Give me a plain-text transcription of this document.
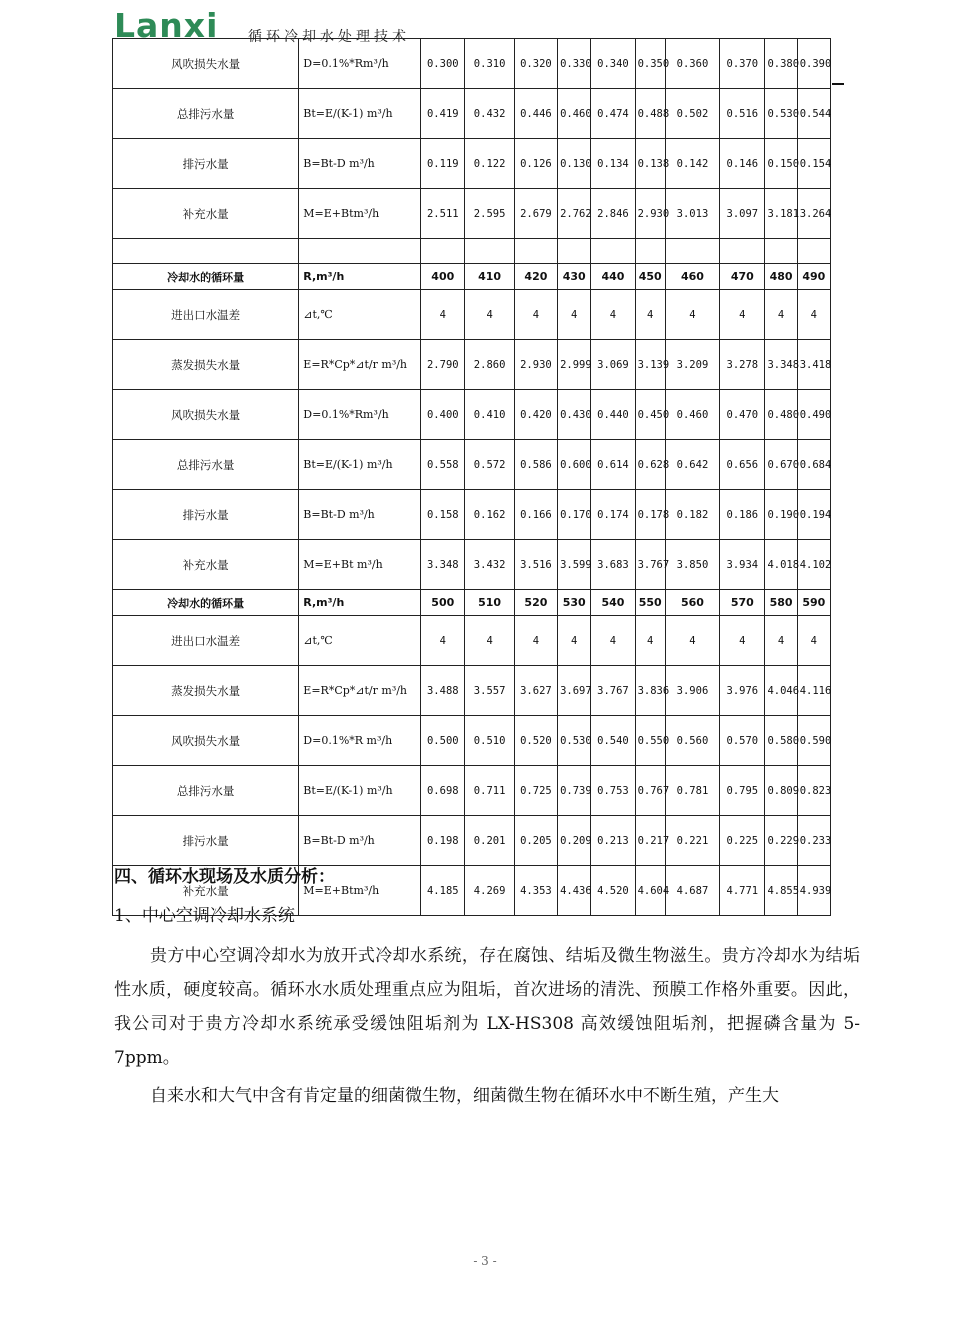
Lanxi 循环冷却水处理技术
风吹损失水量	D=0.1%*Rm³/h	0.300	0.310	0.320	0.330	0.340	0.350	0.360	0.370	0.380	0.390
总排污水量	Bt=E/(K-1) m³/h	0.419	0.432	0.446	0.460	0.474	0.488	0.502	0.516	0.530	0.544
排污水量	B=Bt-D m³/h	0.119	0.122	0.126	0.130	0.134	0.138	0.142	0.146	0.150	0.154
补充水量	M=E+Btm³/h	2.511	2.595	2.679	2.762	2.846	2.930	3.013	3.097	3.181	3.264

冷却水的循环量	R,m³/h	400	410	420	430	440	450	460	470	480	490
进出口水温差	⊿t,℃	4	4	4	4	4	4	4	4	4	4
蒸发损失水量	E=R*Cp*⊿t/r m³/h	2.790	2.860	2.930	2.999	3.069	3.139	3.209	3.278	3.348	3.418
风吹损失水量	D=0.1%*Rm³/h	0.400	0.410	0.420	0.430	0.440	0.450	0.460	0.470	0.480	0.490
总排污水量	Bt=E/(K-1) m³/h	0.558	0.572	0.586	0.600	0.614	0.628	0.642	0.656	0.670	0.684
排污水量	B=Bt-D m³/h	0.158	0.162	0.166	0.170	0.174	0.178	0.182	0.186	0.190	0.194
补充水量	M=E+Bt m³/h	3.348	3.432	3.516	3.599	3.683	3.767	3.850	3.934	4.018	4.102
冷却水的循环量	R,m³/h	500	510	520	530	540	550	560	570	580	590
进出口水温差	⊿t,℃	4	4	4	4	4	4	4	4	4	4
蒸发损失水量	E=R*Cp*⊿t/r m³/h	3.488	3.557	3.627	3.697	3.767	3.836	3.906	3.976	4.046	4.116
风吹损失水量	D=0.1%*R m³/h	0.500	0.510	0.520	0.530	0.540	0.550	0.560	0.570	0.580	0.590
总排污水量	Bt=E/(K-1) m³/h	0.698	0.711	0.725	0.739	0.753	0.767	0.781	0.795	0.809	0.823
排污水量	B=Bt-D m³/h	0.198	0.201	0.205	0.209	0.213	0.217	0.221	0.225	0.229	0.233
补充水量	M=E+Btm³/h	4.185	4.269	4.353	4.436	4.520	4.604	4.687	4.771	4.855	4.939
四、循环水现场及水质分析：
1、中心空调冷却水系统

贵方中心空调冷却水为放开式冷却水系统，存在腐蚀、结垢及微生物滋生。贵方冷却水为结垢性水质，硬度较高。循环水水质处理重点应为阻垢，首次进场的清洗、预膜工作格外重要。因此，我公司对于贵方冷却水系统承受缓蚀阻垢剂为 LX-HS308 高效缓蚀阻垢剂，把握磷含量为 5-7ppm。

自来水和大气中含有肯定量的细菌微生物，细菌微生物在循环水中不断生殖，产生大

- 3 -
